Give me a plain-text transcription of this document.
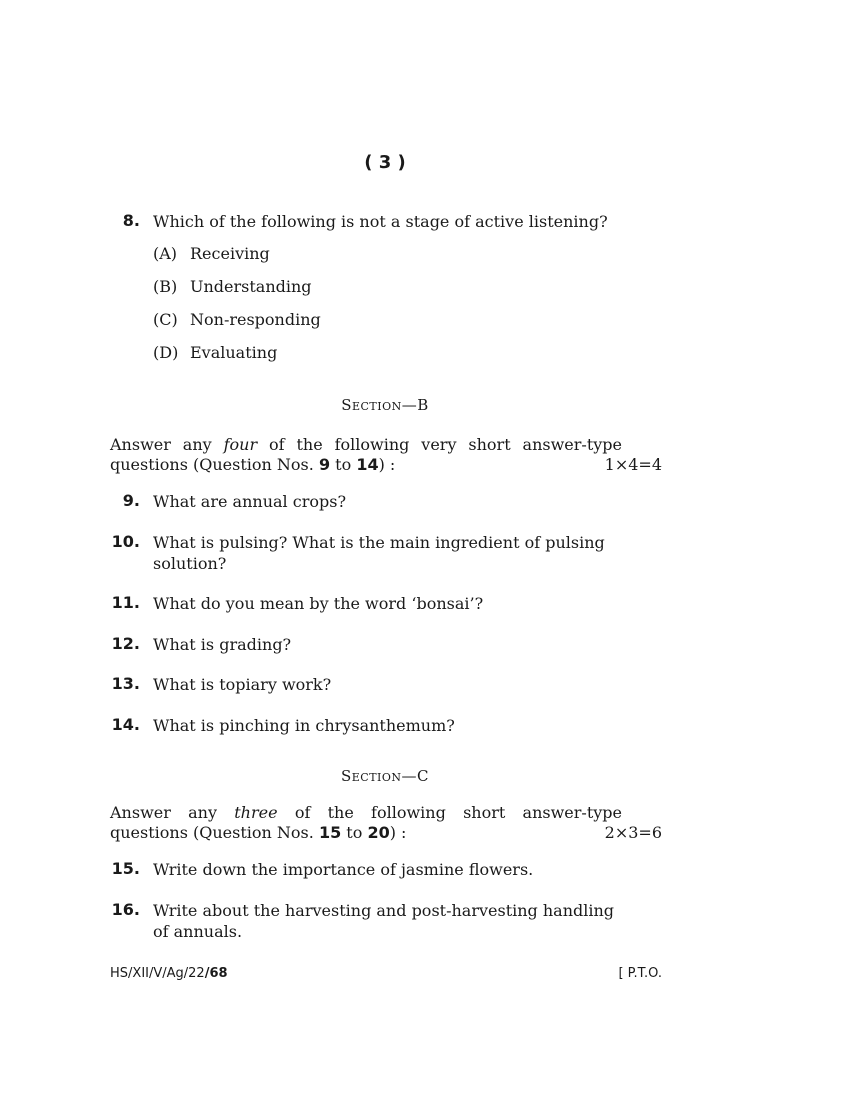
( 3 )
8. Which of the following is not a stage of active listening?
(A) Receiving
(B) Understanding
(C) Non-responding
(D) Evaluating
Section—B
Answer any four of the following very short answer-type
questions (Question Nos. 9 to 14) :	1×4=4
9. What are annual crops?
10. What is pulsing? What is the main ingredient of pulsing solution?
11. What do you mean by the word ‘bonsai’?
12. What is grading?
13. What is topiary work?
14. What is pinching in chrysanthemum?
Section—C
Answer any three of the following short answer-type
questions (Question Nos. 15 to 20) :	2×3=6
15. Write down the importance of jasmine flowers.
16. Write about the harvesting and post-harvesting handling of annuals.
HS/XII/V/Ag/22/68	[ P.T.O.
